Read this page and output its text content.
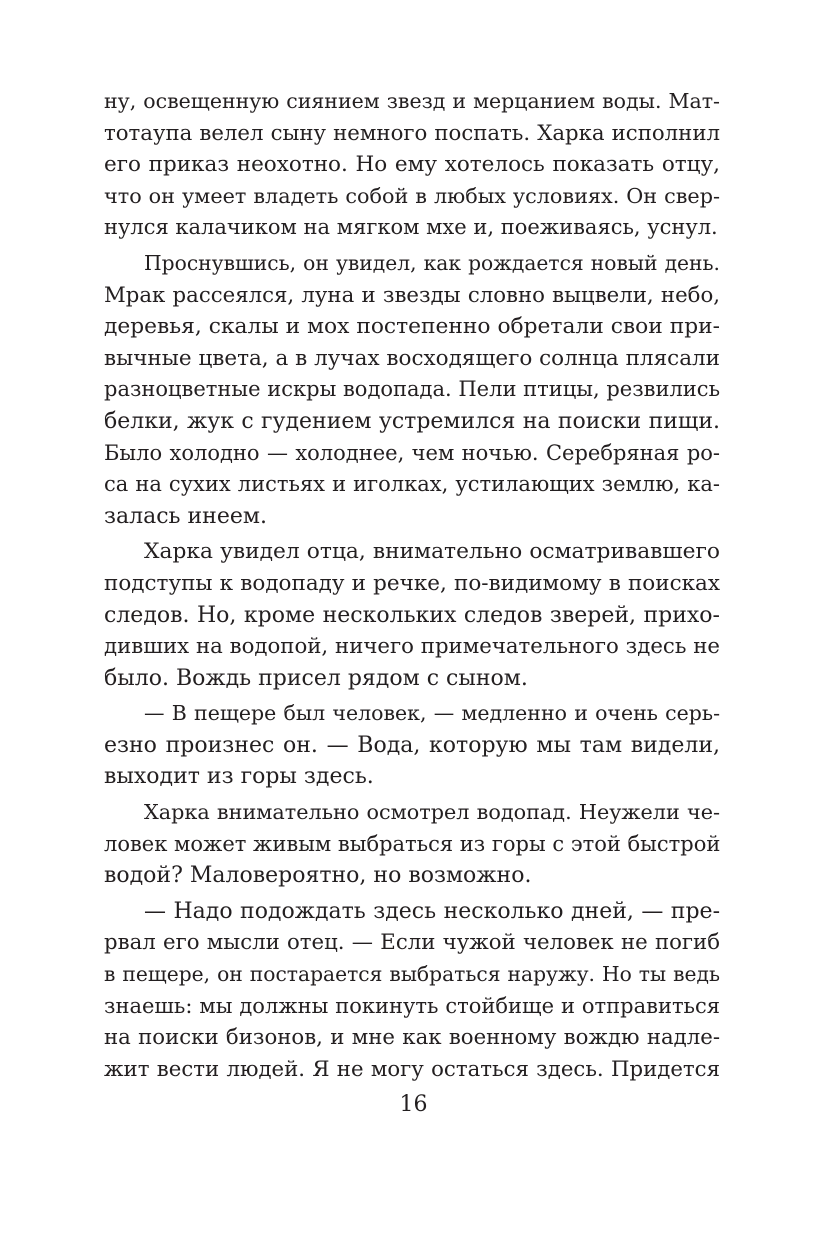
ну, освещенную сиянием звезд и мерцанием воды. Мат-
тотаупа велел сыну немного поспать. Харка исполнил
его приказ неохотно. Но ему хотелось показать отцу,
что он умеет владеть собой в любых условиях. Он свер-
нулся калачиком на мягком мхе и, поеживаясь, уснул.
Проснувшись, он увидел, как рождается новый день.
Мрак рассеялся, луна и звезды словно выцвели, небо,
деревья, скалы и мох постепенно обретали свои при-
вычные цвета, а в лучах восходящего солнца плясали
разноцветные искры водопада. Пели птицы, резвились
белки, жук с гудением устремился на поиски пищи.
Было холодно — холоднее, чем ночью. Серебряная ро-
са на сухих листьях и иголках, устилающих землю, ка-
залась инеем.
Харка увидел отца, внимательно осматривавшего
подступы к водопаду и речке, по-видимому в поисках
следов. Но, кроме нескольких следов зверей, прихо-
дивших на водопой, ничего примечательного здесь не
было. Вождь присел рядом с сыном.
— В пещере был человек, — медленно и очень серь-
езно произнес он. — Вода, которую мы там видели,
выходит из горы здесь.
Харка внимательно осмотрел водопад. Неужели че-
ловек может живым выбраться из горы с этой быстрой
водой? Маловероятно, но возможно.
— Надо подождать здесь несколько дней, — пре-
рвал его мысли отец. — Если чужой человек не погиб
в пещере, он постарается выбраться наружу. Но ты ведь
знаешь: мы должны покинуть стойбище и отправиться
на поиски бизонов, и мне как военному вождю надле-
жит вести людей. Я не могу остаться здесь. Придется
16
